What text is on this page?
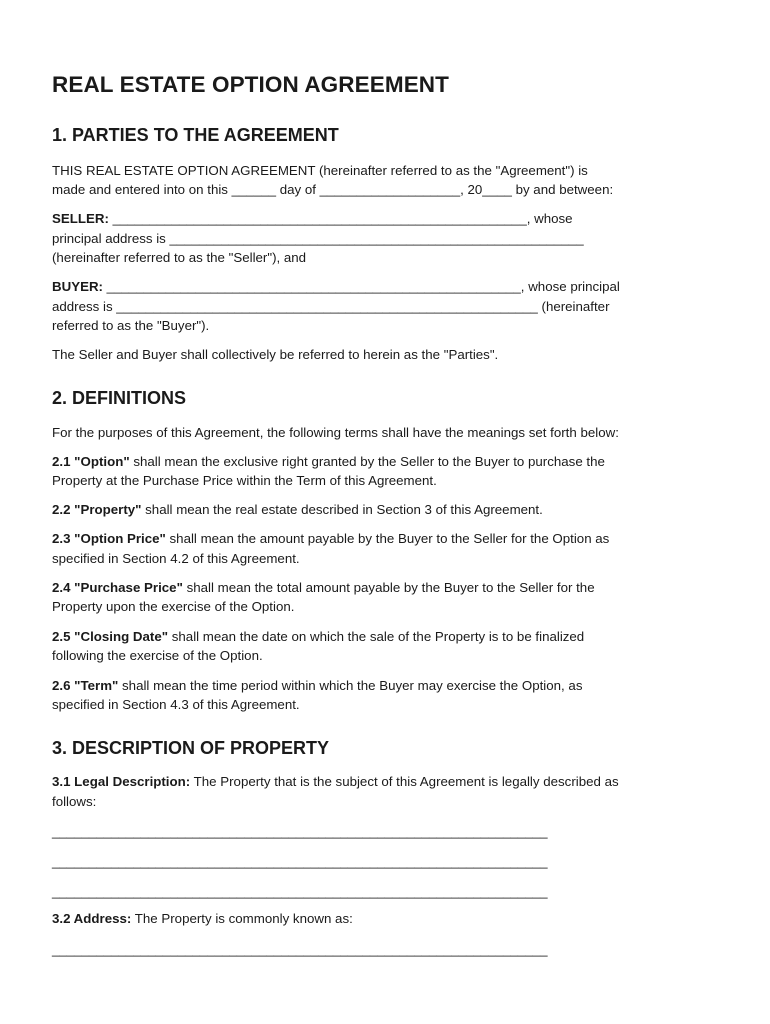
REAL ESTATE OPTION AGREEMENT
1. PARTIES TO THE AGREEMENT
THIS REAL ESTATE OPTION AGREEMENT (hereinafter referred to as the "Agreement") is
made and entered into on this ______ day of ___________________, 20____ by and between:
SELLER: ________________________________________________________, whose
principal address is ________________________________________________________
(hereinafter referred to as the "Seller"), and
BUYER: ________________________________________________________, whose principal
address is _________________________________________________________ (hereinafter
referred to as the "Buyer").
The Seller and Buyer shall collectively be referred to herein as the "Parties".
2. DEFINITIONS
For the purposes of this Agreement, the following terms shall have the meanings set forth below:
2.1 "Option" shall mean the exclusive right granted by the Seller to the Buyer to purchase the
Property at the Purchase Price within the Term of this Agreement.
2.2 "Property" shall mean the real estate described in Section 3 of this Agreement.
2.3 "Option Price" shall mean the amount payable by the Buyer to the Seller for the Option as
specified in Section 4.2 of this Agreement.
2.4 "Purchase Price" shall mean the total amount payable by the Buyer to the Seller for the
Property upon the exercise of the Option.
2.5 "Closing Date" shall mean the date on which the sale of the Property is to be finalized
following the exercise of the Option.
2.6 "Term" shall mean the time period within which the Buyer may exercise the Option, as
specified in Section 4.3 of this Agreement.
3. DESCRIPTION OF PROPERTY
3.1 Legal Description: The Property that is the subject of this Agreement is legally described as
follows:
___________________________________________________________________
___________________________________________________________________
___________________________________________________________________
3.2 Address: The Property is commonly known as:
___________________________________________________________________
